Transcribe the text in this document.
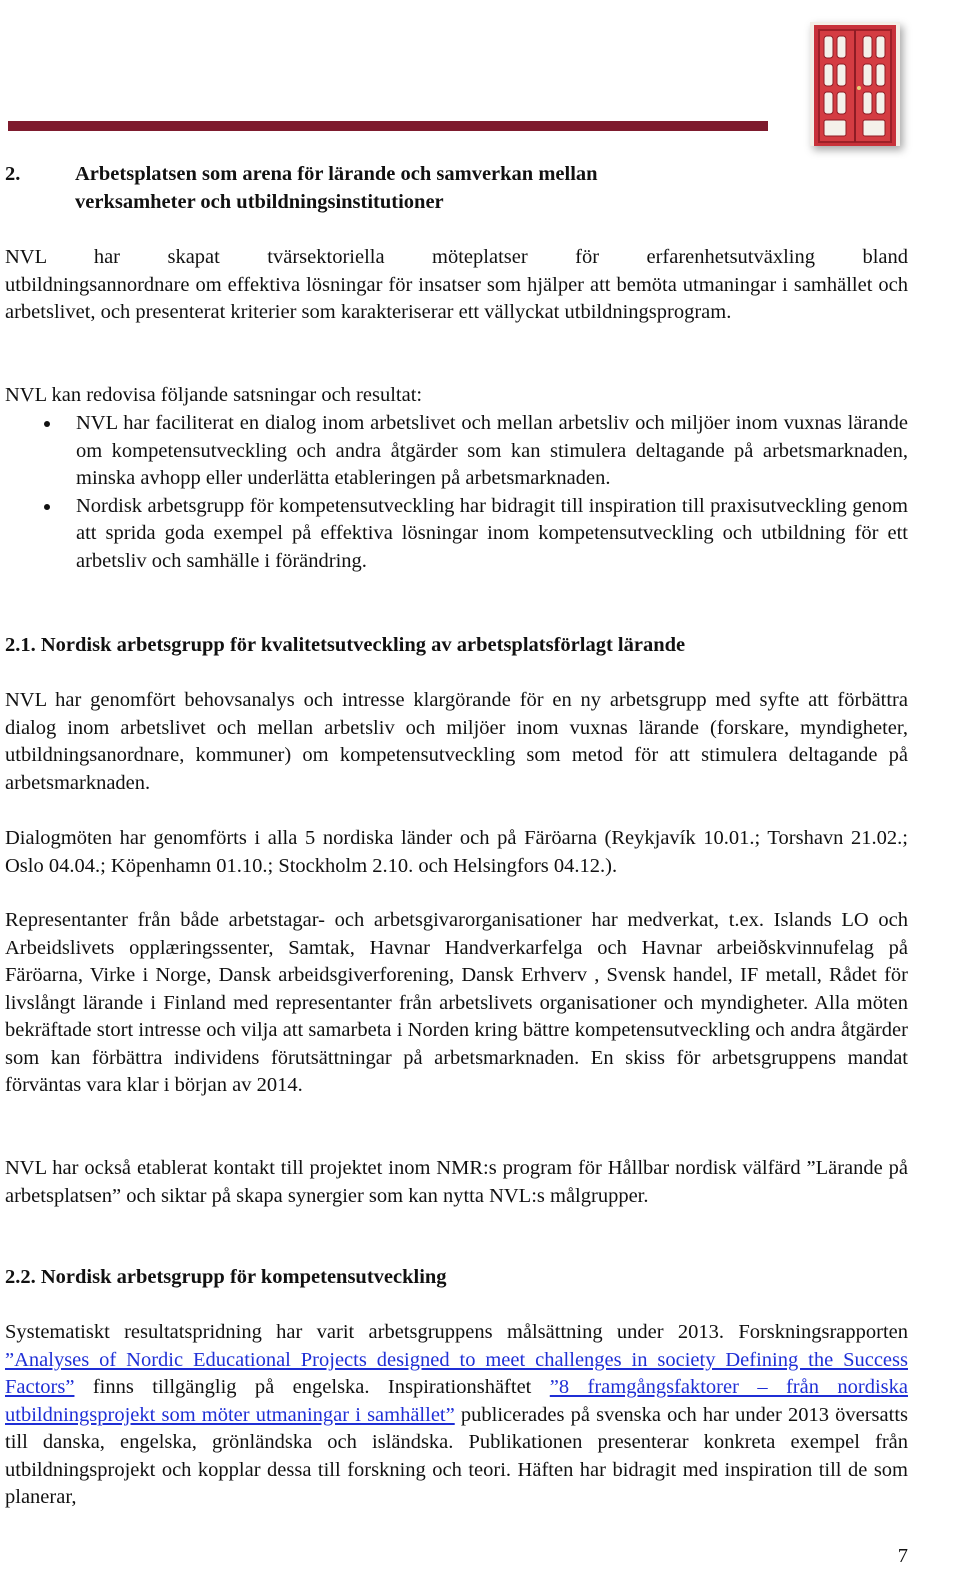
2.	Arbetsplatsen som arena för lärande och samverkan mellan verksamheter och utbildningsinstitutioner
NVL har skapat tvärsektoriella möteplatser för erfarenhetsutväxling bland
utbildningsannordnare om effektiva lösningar för insatser som hjälper att bemöta utmaningar i samhället och arbetslivet, och presenterat kriterier som karakteriserar ett vällyckat utbildningsprogram.
NVL kan redovisa följande satsningar och resultat:
NVL har faciliterat en dialog inom arbetslivet och mellan arbetsliv och miljöer inom vuxnas lärande om kompetensutveckling och andra åtgärder som kan stimulera deltagande på arbetsmarknaden, minska avhopp eller underlätta etableringen på arbetsmarknaden.
Nordisk arbetsgrupp för kompetensutveckling har bidragit till inspiration till praxisutveckling genom att sprida goda exempel på effektiva lösningar inom kompetensutveckling och utbildning för ett arbetsliv och samhälle i förändring.
2.1. Nordisk arbetsgrupp för kvalitetsutveckling av arbetsplatsförlagt lärande
NVL har genomfört behovsanalys och intresse klargörande för en ny arbetsgrupp med syfte att förbättra dialog inom arbetslivet och mellan arbetsliv och miljöer inom vuxnas lärande (forskare, myndigheter, utbildningsanordnare, kommuner) om kompetensutveckling som metod för att stimulera deltagande på arbetsmarknaden.
Dialogmöten har genomförts i alla 5 nordiska länder och på Färöarna (Reykjavík 10.01.; Torshavn 21.02.; Oslo 04.04.; Köpenhamn 01.10.; Stockholm 2.10. och Helsingfors 04.12.).
Representanter från både arbetstagar- och arbetsgivarorganisationer har medverkat, t.ex. Islands LO och Arbeidslivets opplæringssenter, Samtak, Havnar Handverkarfelga och Havnar arbeiðskvinnufelag på Färöarna, Virke i Norge, Dansk arbeidsgiverforening, Dansk Erhverv , Svensk handel, IF metall, Rådet för livslångt lärande i Finland med representanter från arbetslivets organisationer och myndigheter. Alla möten bekräftade stort intresse och vilja att samarbeta i Norden kring bättre kompetensutveckling och andra åtgärder som kan förbättra individens förutsättningar på arbetsmarknaden. En skiss för arbetsgruppens mandat förväntas vara klar i början av 2014.
NVL har också etablerat kontakt till projektet inom NMR:s program för Hållbar nordisk välfärd ”Lärande på arbetsplatsen” och siktar på skapa synergier som kan nytta NVL:s målgrupper.
2.2. Nordisk arbetsgrupp för kompetensutveckling
Systematiskt resultatspridning har varit arbetsgruppens målsättning under 2013. Forskningsrapporten ”Analyses of Nordic Educational Projects designed to meet challenges in society Defining the Success Factors” finns tillgänglig på engelska. Inspirationshäftet ”8 framgångsfaktorer – från nordiska utbildningsprojekt som möter utmaningar i samhället” publicerades på svenska och har under 2013 översatts till danska, engelska, grönländska och isländska. Publikationen presenterar konkreta exempel från utbildningsprojekt och kopplar dessa till forskning och teori. Häften har bidragit med inspiration till de som planerar,
7
